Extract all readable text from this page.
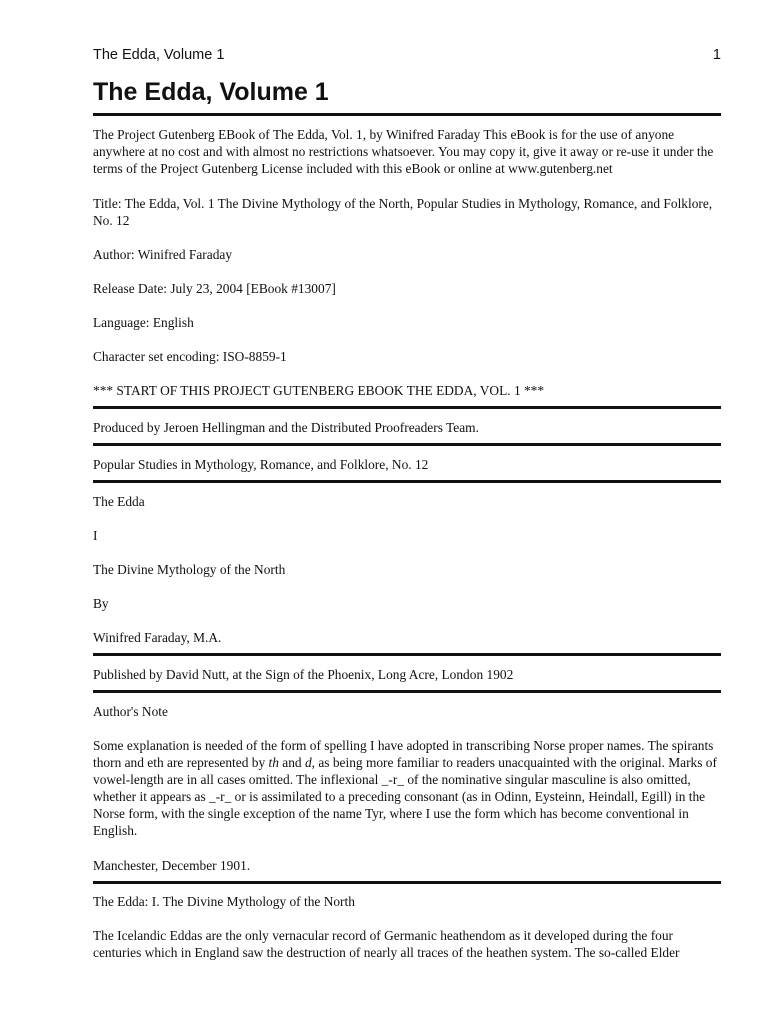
The Edda, Volume 1	1
The Edda, Volume 1

The Project Gutenberg EBook of The Edda, Vol. 1, by Winifred Faraday This eBook is for the use of anyone anywhere at no cost and with almost no restrictions whatsoever. You may copy it, give it away or re-use it under the terms of the Project Gutenberg License included with this eBook or online at www.gutenberg.net

Title: The Edda, Vol. 1 The Divine Mythology of the North, Popular Studies in Mythology, Romance, and Folklore, No. 12

Author: Winifred Faraday

Release Date: July 23, 2004 [EBook #13007]

Language: English

Character set encoding: ISO-8859-1

*** START OF THIS PROJECT GUTENBERG EBOOK THE EDDA, VOL. 1 ***

Produced by Jeroen Hellingman and the Distributed Proofreaders Team.

Popular Studies in Mythology, Romance, and Folklore, No. 12

The Edda

I

The Divine Mythology of the North

By

Winifred Faraday, M.A.

Published by David Nutt, at the Sign of the Phoenix, Long Acre, London 1902

Author's Note

Some explanation is needed of the form of spelling I have adopted in transcribing Norse proper names. The spirants thorn and eth are represented by th and d, as being more familiar to readers unacquainted with the original. Marks of vowel-length are in all cases omitted. The inflexional _-r_ of the nominative singular masculine is also omitted, whether it appears as _-r_ or is assimilated to a preceding consonant (as in Odinn, Eysteinn, Heindall, Egill) in the Norse form, with the single exception of the name Tyr, where I use the form which has become conventional in English.

Manchester, December 1901.

The Edda: I. The Divine Mythology of the North

The Icelandic Eddas are the only vernacular record of Germanic heathendom as it developed during the four centuries which in England saw the destruction of nearly all traces of the heathen system. The so-called Elder
